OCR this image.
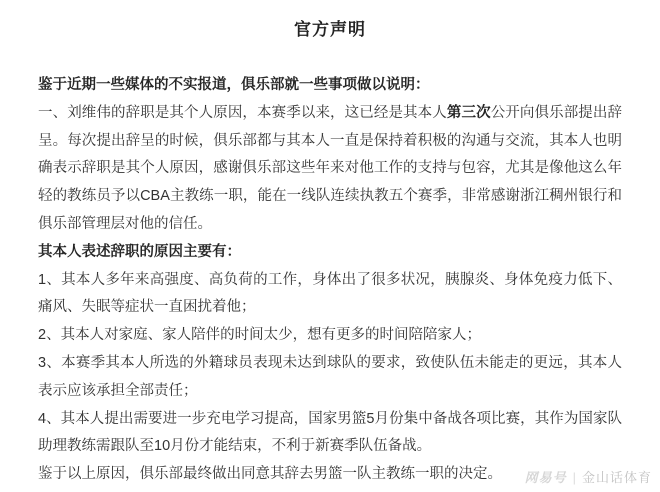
官方声明

鉴于近期一些媒体的不实报道，俱乐部就一些事项做以说明：

一、刘维伟的辞职是其个人原因，本赛季以来，这已经是其本人第三次公开向俱乐部提出辞呈。每次提出辞呈的时候，俱乐部都与其本人一直是保持着积极的沟通与交流，其本人也明确表示辞职是其个人原因，感谢俱乐部这些年来对他工作的支持与包容，尤其是像他这么年轻的教练员予以CBA主教练一职，能在一线队连续执教五个赛季，非常感谢浙江稠州银行和俱乐部管理层对他的信任。

其本人表述辞职的原因主要有：

1、其本人多年来高强度、高负荷的工作，身体出了很多状况，胰腺炎、身体免疫力低下、痛风、失眠等症状一直困扰着他；

2、其本人对家庭、家人陪伴的时间太少，想有更多的时间陪陪家人；

3、本赛季其本人所选的外籍球员表现未达到球队的要求，致使队伍未能走的更远，其本人表示应该承担全部责任；

4、其本人提出需要进一步充电学习提高，国家男篮5月份集中备战各项比赛，其作为国家队助理教练需跟队至10月份才能结束，不利于新赛季队伍备战。

鉴于以上原因，俱乐部最终做出同意其辞去男篮一队主教练一职的决定。	网易号 | 金山话体育
